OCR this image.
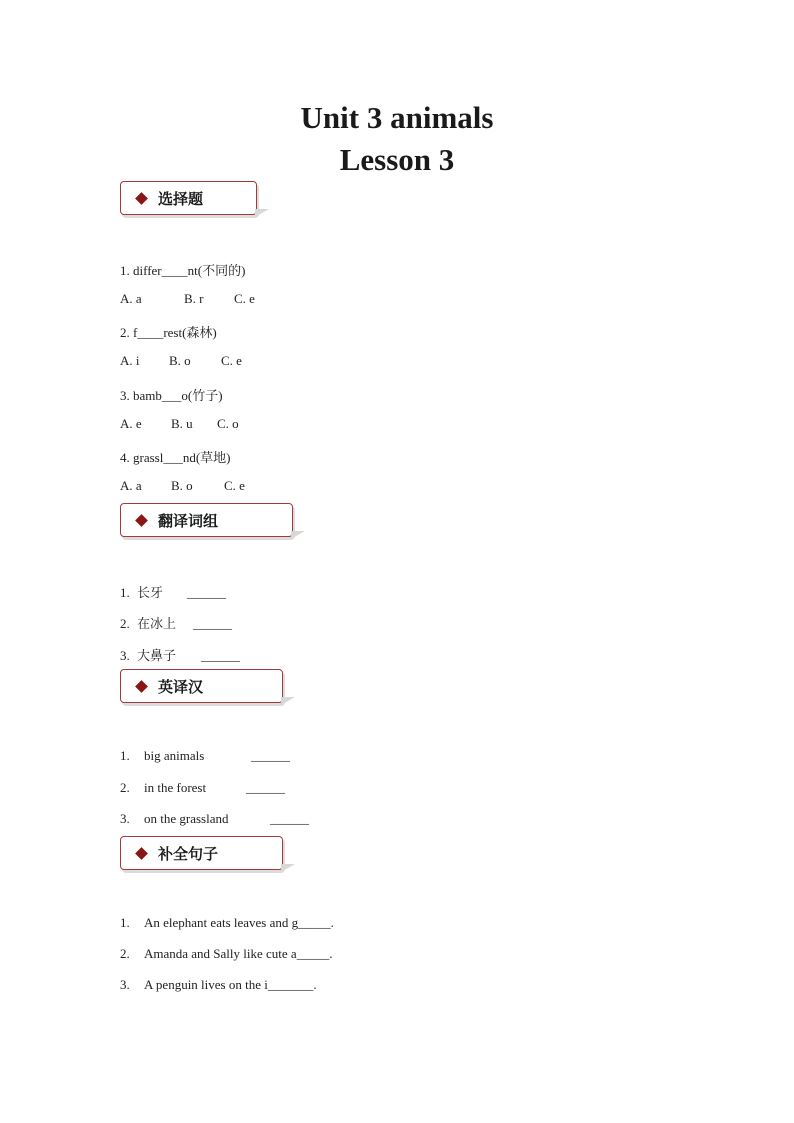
Unit 3 animals
Lesson 3
选择题
1. differ____nt(不同的)
A. a	B. r C. e
2. f____rest(森林)
A. i B. o C. e
3. bamb___o(竹子)
A. e B. u C. o
4. grassl___nd(草地)
A. a B. o C. e
翻译词组
1. 长牙 ______
2. 在冰上 ______
3. 大鼻子 ______
英译汉
1. big animals	______
2. in the forest	______
3. on the grassland	______
补全句子
1. An elephant eats leaves and g_____.
2. Amanda and Sally like cute a_____.
3. A penguin lives on the i_______.
